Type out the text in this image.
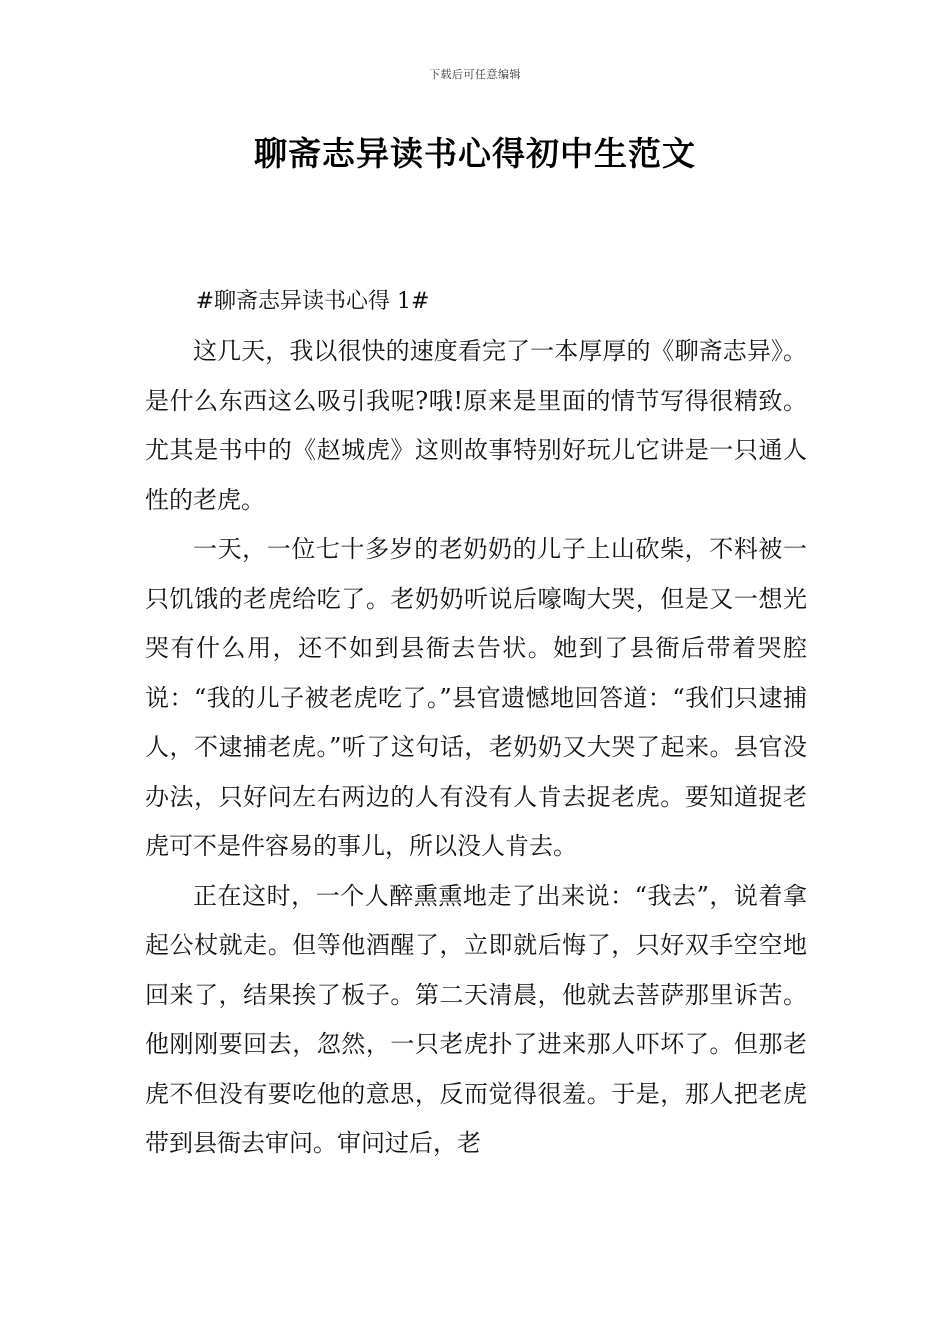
下载后可任意编辑
聊斋志异读书心得初中生范文

#聊斋志异读书心得 1#

这几天，我以很快的速度看完了一本厚厚的《聊斋志异》。是什么东西这么吸引我呢?哦!原来是里面的情节写得很精致。尤其是书中的《赵城虎》这则故事特别好玩儿它讲是一只通人性的老虎。

一天，一位七十多岁的老奶奶的儿子上山砍柴，不料被一只饥饿的老虎给吃了。老奶奶听说后嚎啕大哭，但是又一想光哭有什么用，还不如到县衙去告状。她到了县衙后带着哭腔说：“我的儿子被老虎吃了。”县官遗憾地回答道：“我们只逮捕人，不逮捕老虎。”听了这句话，老奶奶又大哭了起来。县官没办法，只好问左右两边的人有没有人肯去捉老虎。要知道捉老虎可不是件容易的事儿，所以没人肯去。

正在这时，一个人醉熏熏地走了出来说：“我去”，说着拿起公杖就走。但等他酒醒了，立即就后悔了，只好双手空空地回来了，结果挨了板子。第二天清晨，他就去菩萨那里诉苦。他刚刚要回去，忽然，一只老虎扑了进来那人吓坏了。但那老虎不但没有要吃他的意思，反而觉得很羞。于是，那人把老虎带到县衙去审问。审问过后，老
